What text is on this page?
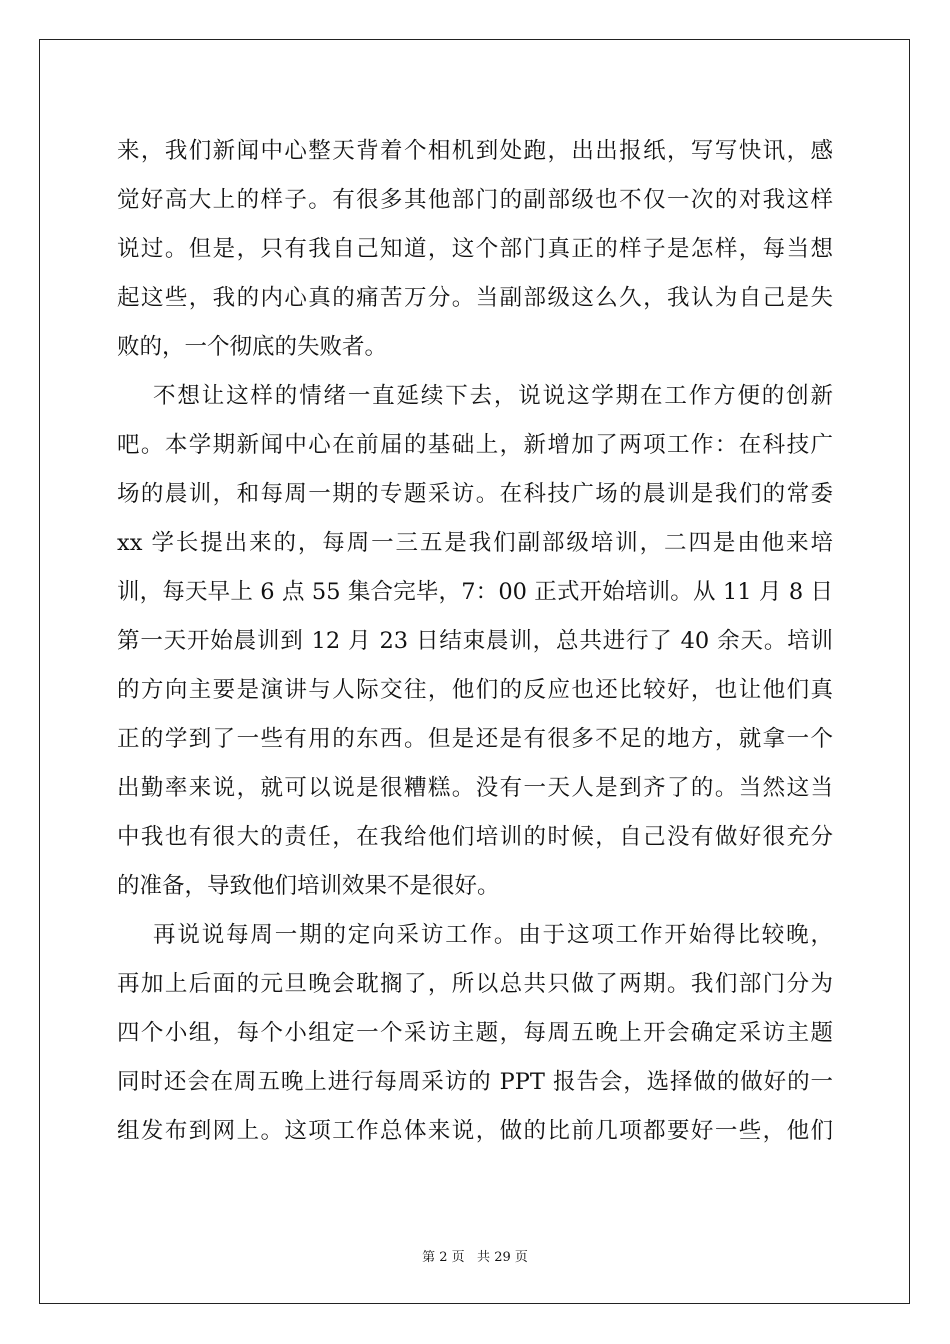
来，我们新闻中心整天背着个相机到处跑，出出报纸，写写快讯，感
觉好高大上的样子。有很多其他部门的副部级也不仅一次的对我这样
说过。但是，只有我自己知道，这个部门真正的样子是怎样，每当想
起这些，我的内心真的痛苦万分。当副部级这么久，我认为自己是失
败的，一个彻底的失败者。
不想让这样的情绪一直延续下去，说说这学期在工作方便的创新
吧。本学期新闻中心在前届的基础上，新增加了两项工作：在科技广
场的晨训，和每周一期的专题采访。在科技广场的晨训是我们的常委
xx 学长提出来的，每周一三五是我们副部级培训，二四是由他来培
训，每天早上 6 点 55 集合完毕，7：00 正式开始培训。从 11 月 8 日
第一天开始晨训到 12 月 23 日结束晨训，总共进行了 40 余天。培训
的方向主要是演讲与人际交往，他们的反应也还比较好，也让他们真
正的学到了一些有用的东西。但是还是有很多不足的地方，就拿一个
出勤率来说，就可以说是很糟糕。没有一天人是到齐了的。当然这当
中我也有很大的责任，在我给他们培训的时候，自己没有做好很充分
的准备，导致他们培训效果不是很好。
再说说每周一期的定向采访工作。由于这项工作开始得比较晚，
再加上后面的元旦晚会耽搁了，所以总共只做了两期。我们部门分为
四个小组，每个小组定一个采访主题，每周五晚上开会确定采访主题
同时还会在周五晚上进行每周采访的 PPT 报告会，选择做的做好的一
组发布到网上。这项工作总体来说，做的比前几项都要好一些，他们
第 2 页   共 29 页
